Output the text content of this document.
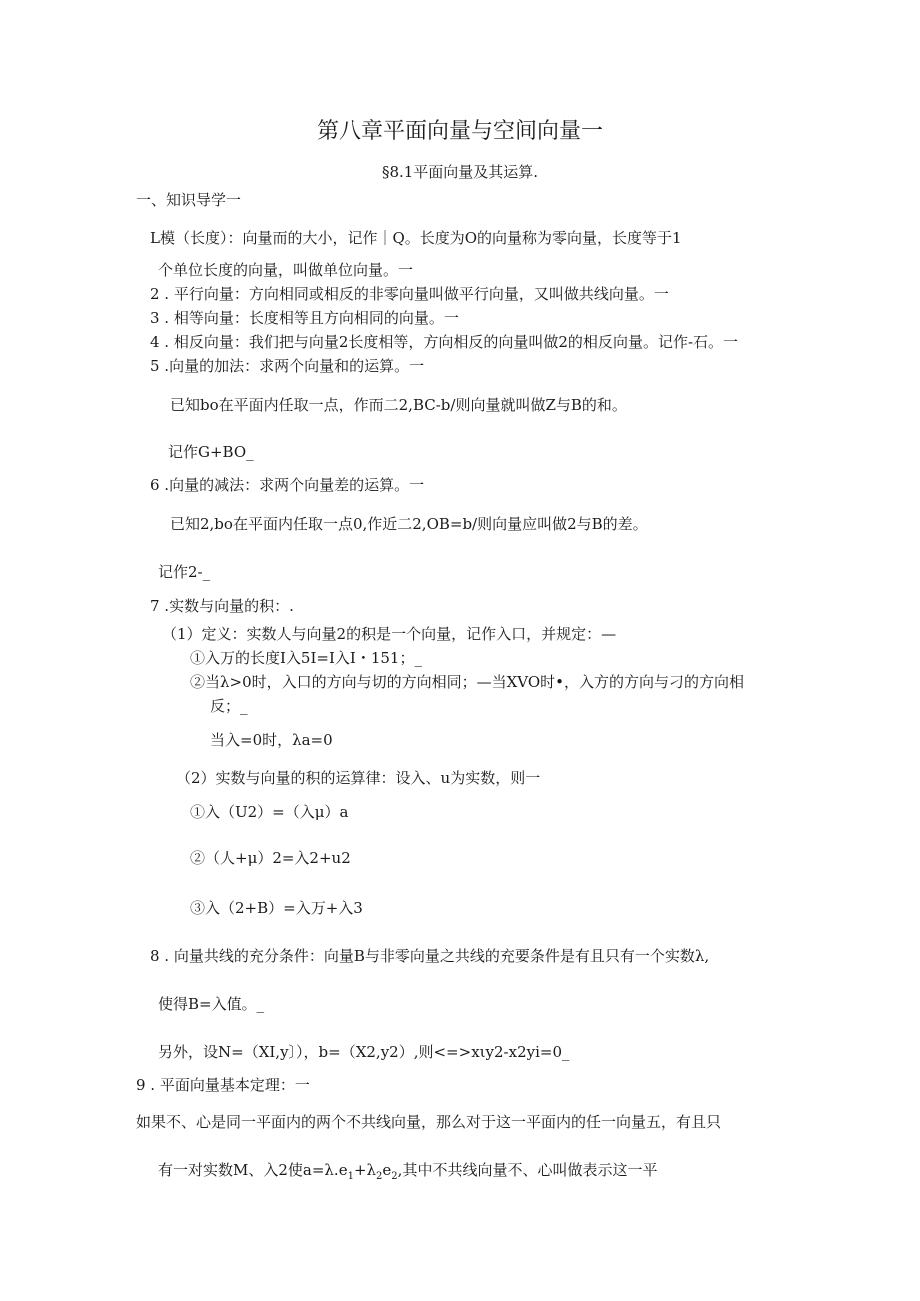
第八章平面向量与空间向量一
§8.1平面向量及其运算.
一、知识导学一
L模（长度）：向量而的大小，记作｜Q。长度为O的向量称为零向量，长度等于1
个单位长度的向量，叫做单位向量。一
2 . 平行向量：方向相同或相反的非零向量叫做平行向量，又叫做共线向量。一
3 . 相等向量：长度相等且方向相同的向量。一
4 . 相反向量：我们把与向量2长度相等，方向相反的向量叫做2的相反向量。记作-石。一
5 .向量的加法：求两个向量和的运算。一
已知bo在平面内任取一点，作而二2,BC-b/则向量就叫做Z与B的和。
记作G+BO_
6 .向量的减法：求两个向量差的运算。一
已知2,bo在平面内任取一点0,作近二2,OB=b/则向量应叫做2与B的差。
记作2-_
7 .实数与向量的积：.
（1）定义：实数人与向量2的积是一个向量，记作入口，并规定：—
①入万的长度I入5I=I入I・151；_
②当λ>0时，入口的方向与切的方向相同；—当XVO时•，入方的方向与刁的方向相
反；_
当入=0时，λa=0
（2）实数与向量的积的运算律：设入、u为实数，则一
①入（U2）=（入μ）a
②（人+μ）2=入2+u2
③入（2+B）=入万+入3
8 . 向量共线的充分条件：向量B与非零向量之共线的充要条件是有且只有一个实数λ,
使得B=入值。_
另外，设N=（XI,y〕），b=（X2,y2）,则<=>xιy2-x2yi=0_
9 . 平面向量基本定理：一
如果不、心是同一平面内的两个不共线向量，那么对于这一平面内的任一向量五，有且只
有一对实数M、入2使$a=\lambda.e_1+\lambda_2e_2$,其中不共线向量不、心叫做表示这一平
